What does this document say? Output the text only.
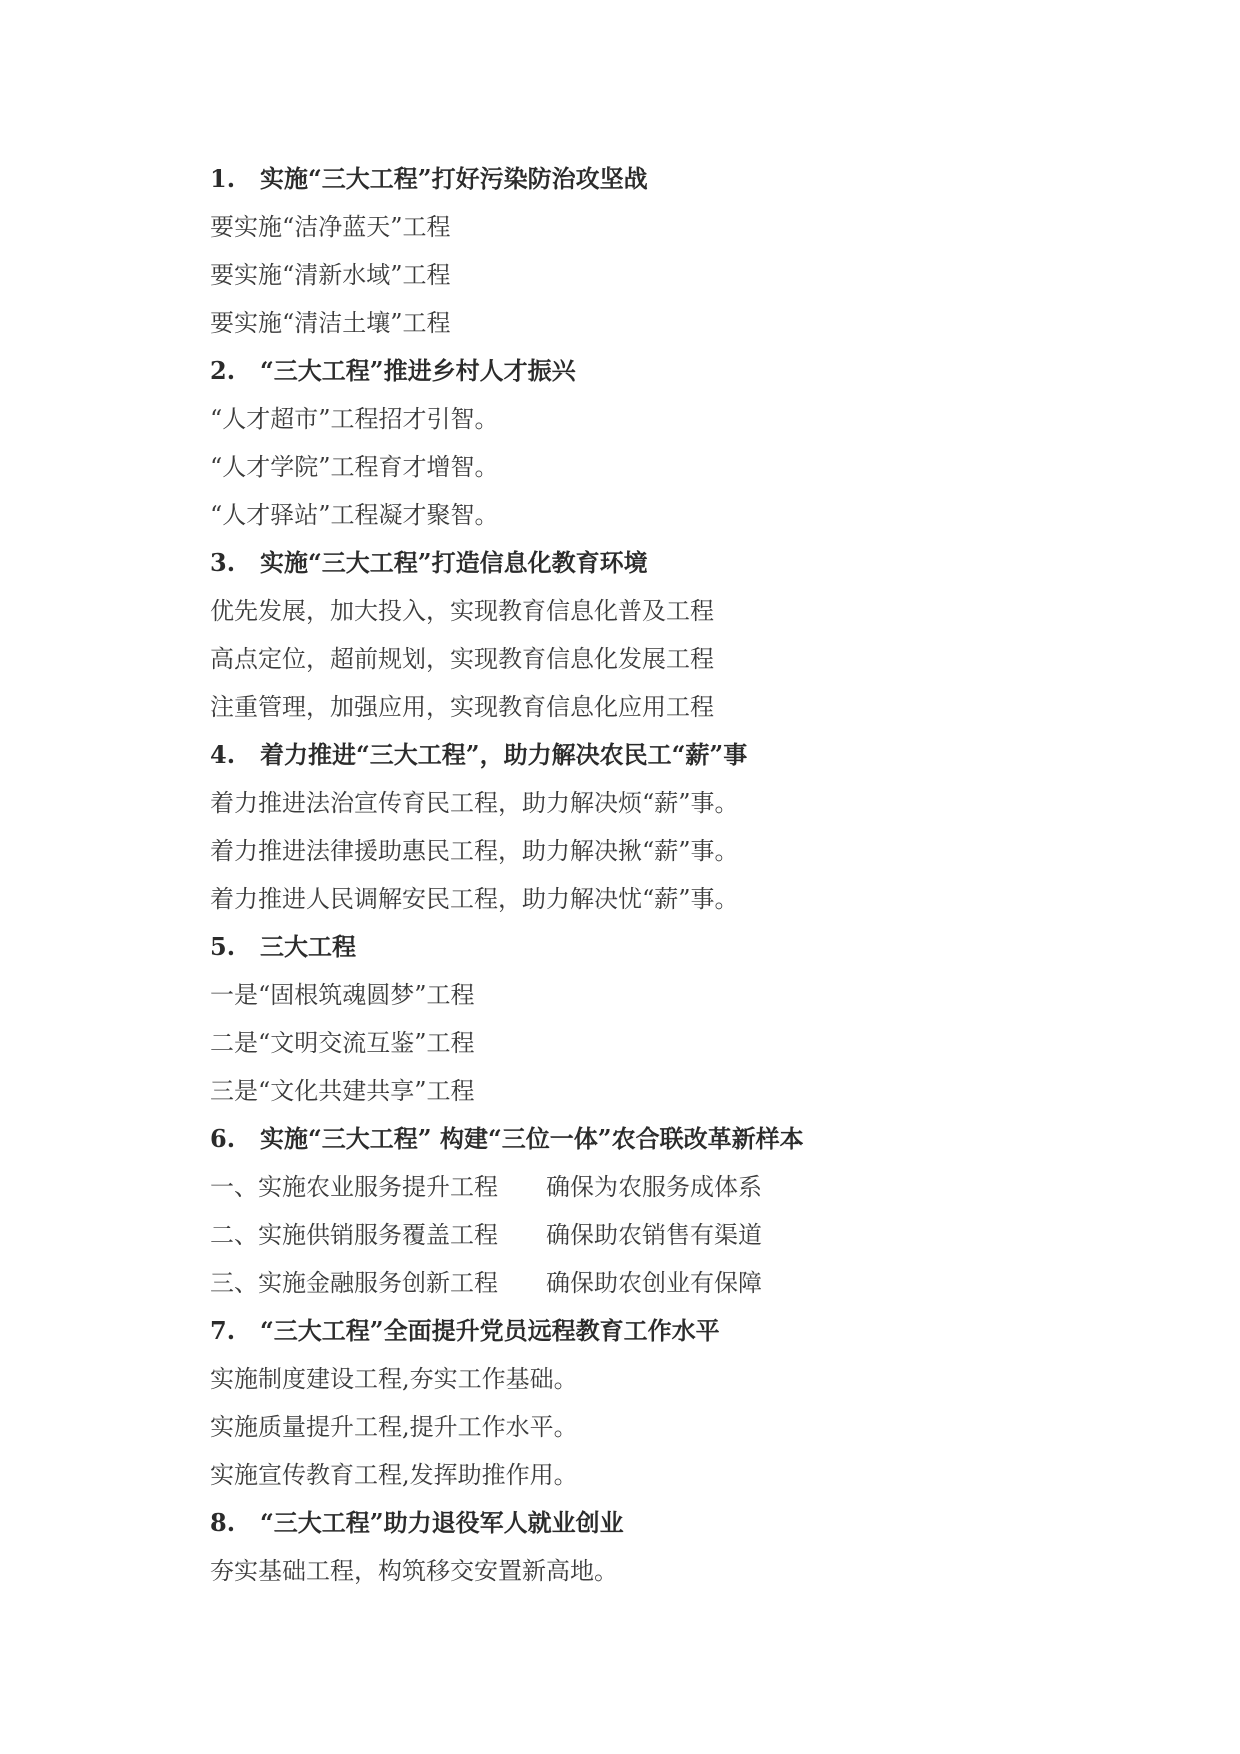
1. 实施“三大工程”打好污染防治攻坚战
要实施“洁净蓝天”工程
要实施“清新水域”工程
要实施“清洁土壤”工程
2. “三大工程”推进乡村人才振兴
“人才超市”工程招才引智。
“人才学院”工程育才增智。
“人才驿站”工程凝才聚智。
3. 实施“三大工程”打造信息化教育环境
优先发展，加大投入，实现教育信息化普及工程
高点定位，超前规划，实现教育信息化发展工程
注重管理，加强应用，实现教育信息化应用工程
4. 着力推进“三大工程”，助力解决农民工“薪”事
着力推进法治宣传育民工程，助力解决烦“薪”事。
着力推进法律援助惠民工程，助力解决揪“薪”事。
着力推进人民调解安民工程，助力解决忧“薪”事。
5. 三大工程
一是“固根筑魂圆梦”工程
二是“文明交流互鉴”工程
三是“文化共建共享”工程
6. 实施“三大工程” 构建“三位一体”农合联改革新样本
一、实施农业服务提升工程 确保为农服务成体系
二、实施供销服务覆盖工程 确保助农销售有渠道
三、实施金融服务创新工程 确保助农创业有保障
7. “三大工程”全面提升党员远程教育工作水平
实施制度建设工程,夯实工作基础。
实施质量提升工程,提升工作水平。
实施宣传教育工程,发挥助推作用。
8. “三大工程”助力退役军人就业创业
夯实基础工程，构筑移交安置新高地。
